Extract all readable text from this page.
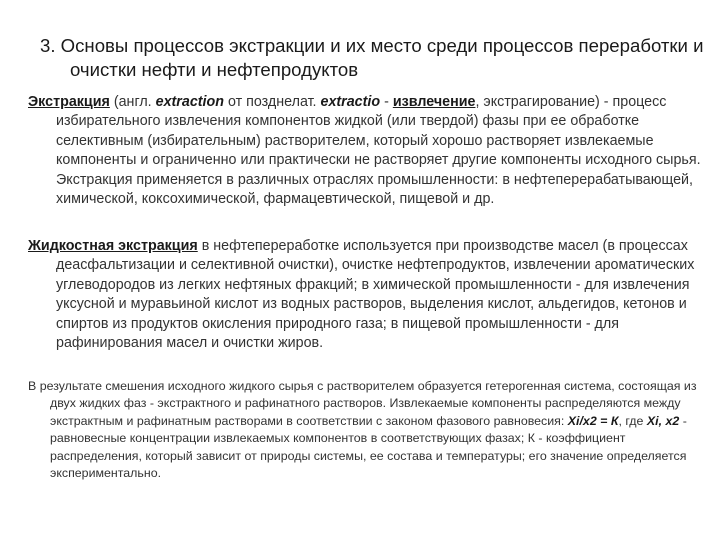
3. Основы процессов экстракции и их место среди процессов переработки и очистки нефти и нефтепродуктов
Экстракция (англ. extraction от позднелат. extractio - извлечение, экстрагирование) - процесс избирательного извлечения компонентов жидкой (или твердой) фазы при ее обработке селективным (избирательным) растворителем, который хорошо растворяет извлекаемые компоненты и ограниченно или практически не растворяет другие компоненты исходного сырья. Экстракция применяется в различных отраслях промышленности: в нефтеперерабатывающей, химической, коксохимической, фармацевтической, пищевой и др.
Жидкостная экстракция в нефтепереработке используется при производстве масел (в процессах деасфальтизации и селективной очистки), очистке нефтепродуктов, извлечении ароматических углеводородов из легких нефтяных фракций; в химической промышленности - для извлечения уксусной и муравьиной кислот из водных растворов, выделения кислот, альдегидов, кетонов и спиртов из продуктов окисления природного газа; в пищевой промышленности - для рафинирования масел и очистки жиров.
В результате смешения исходного жидкого сырья с растворителем образуется гетерогенная система, состоящая из двух жидких фаз - экстрактного и рафинатного растворов. Извлекаемые компоненты распределяются между экстрактным и рафинатным растворами в соответствии с законом фазового равновесия: Xi/x2 = К, где Xi, x2 - равновесные концентрации извлекаемых компонентов в соответствующих фазах; К - коэффициент распределения, который зависит от природы системы, ее состава и температуры; его значение определяется экспериментально.
